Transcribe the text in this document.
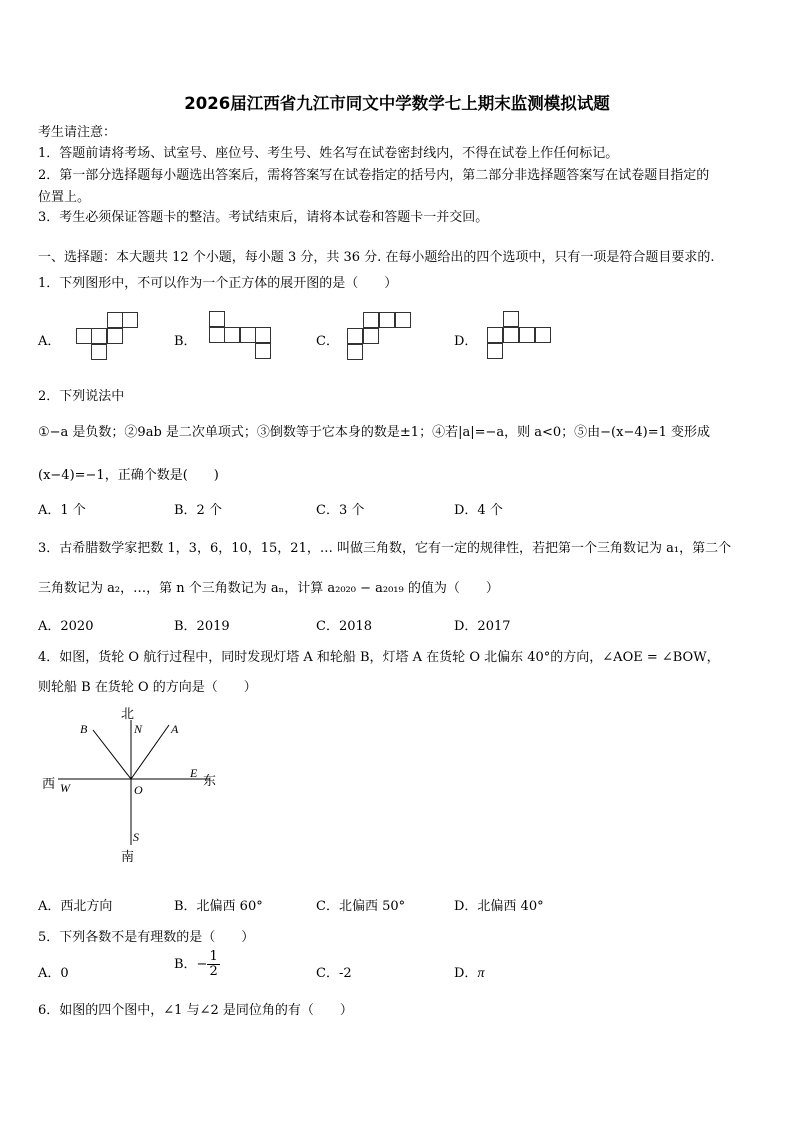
2026届江西省九江市同文中学数学七上期末监测模拟试题
考生请注意：
1．答题前请将考场、试室号、座位号、考生号、姓名写在试卷密封线内，不得在试卷上作任何标记。
2．第一部分选择题每小题选出答案后，需将答案写在试卷指定的括号内，第二部分非选择题答案写在试卷题目指定的
位置上。
3．考生必须保证答题卡的整洁。考试结束后，请将本试卷和答题卡一并交回。
一、选择题：本大题共 12 个小题，每小题 3 分，共 36 分. 在每小题给出的四个选项中，只有一项是符合题目要求的.
1．下列图形中，不可以作为一个正方体的展开图的是（　　）
A．	B．	C．	D．
2．下列说法中
①−a 是负数；②9ab 是二次单项式；③倒数等于它本身的数是±1；④若|a|=−a，则 a<0；⑤由−(x−4)=1 变形成
(x−4)=−1，正确个数是(　　)
A．1 个	B．2 个	C．3 个	D．4 个
3．古希腊数学家把数 1，3，6，10，15，21，… 叫做三角数，它有一定的规律性，若把第一个三角数记为 a₁，第二个
三角数记为 a₂，…，第 n 个三角数记为 aₙ，计算 a₂₀₂₀ − a₂₀₁₉ 的值为（　　）
A．2020	B．2019	C．2018	D．2017
4．如图，货轮 O 航行过程中，同时发现灯塔 A 和轮船 B，灯塔 A 在货轮 O 北偏东 40°的方向，∠AOE = ∠BOW，
则轮船 B 在货轮 O 的方向是（　　）
北
N A
B
E
东
西 W	O
S
南
A．西北方向	B．北偏西 60°	C．北偏西 50°	D．北偏西 40°
5．下列各数不是有理数的是（　　）
A．0
B．− $\frac{1}{2}$	C．-2	D．π
6．如图的四个图中，∠1 与∠2 是同位角的有（　　）
